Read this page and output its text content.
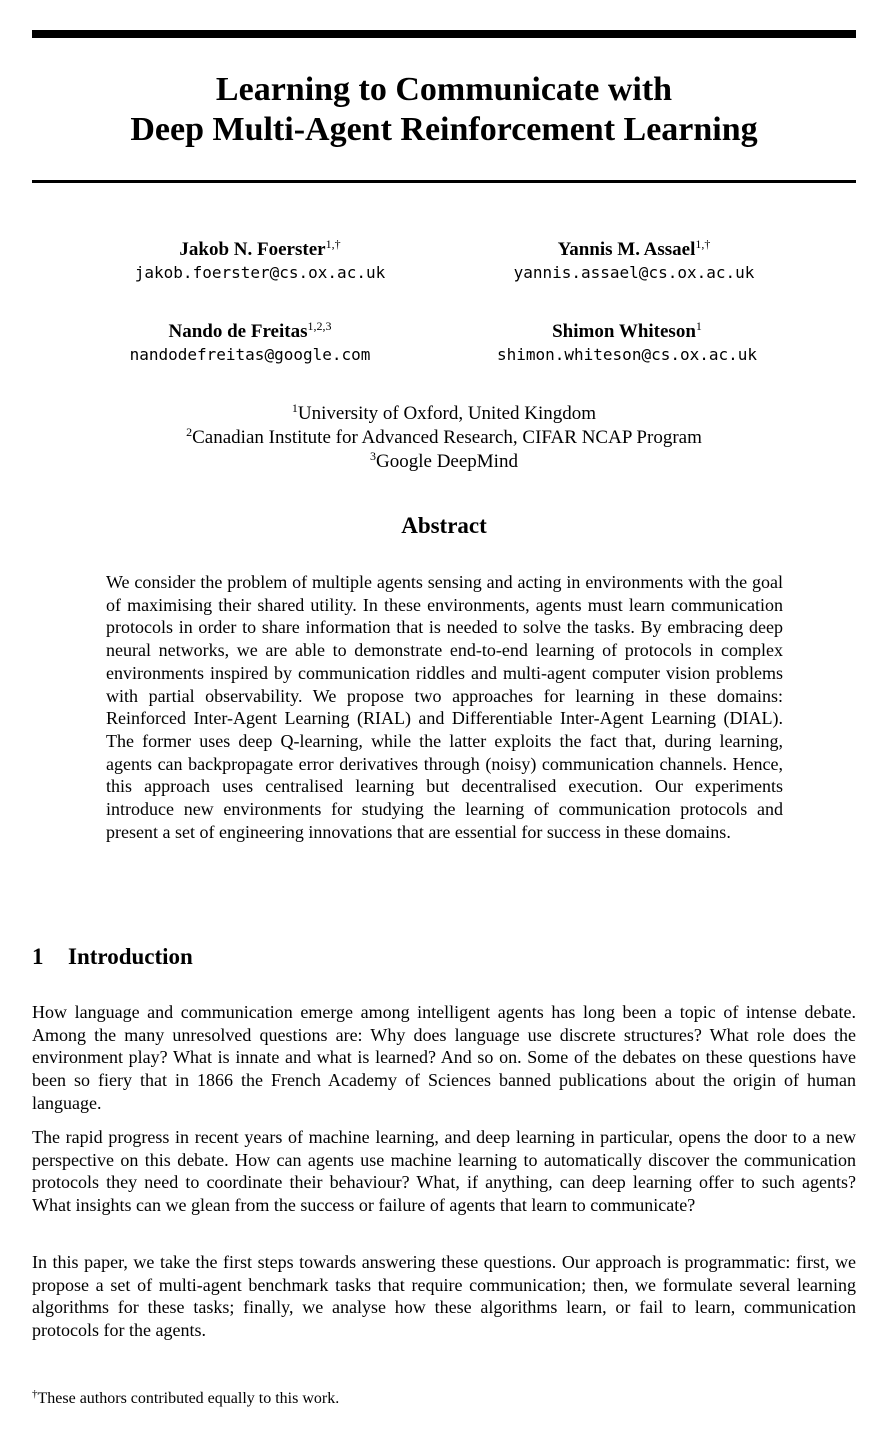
Learning to Communicate with
Deep Multi-Agent Reinforcement Learning
Jakob N. Foerster$^{1,\dagger}$
jakob.foerster@cs.ox.ac.uk
Yannis M. Assael$^{1,\dagger}$
yannis.assael@cs.ox.ac.uk
Nando de Freitas$^{1,2,3}$
nandodefreitas@google.com
Shimon Whiteson$^1$
shimon.whiteson@cs.ox.ac.uk
$^1$University of Oxford, United Kingdom
$^2$Canadian Institute for Advanced Research, CIFAR NCAP Program
$^3$Google DeepMind
Abstract
We consider the problem of multiple agents sensing and acting in environments with the goal of maximising their shared utility. In these environments, agents must learn communication protocols in order to share information that is needed to solve the tasks. By embracing deep neural networks, we are able to demonstrate end-to-end learning of protocols in complex environments inspired by communication riddles and multi-agent computer vision problems with partial observability. We propose two approaches for learning in these domains: Reinforced Inter-Agent Learning (RIAL) and Differentiable Inter-Agent Learning (DIAL). The former uses deep Q-learning, while the latter exploits the fact that, during learning, agents can backpropagate error derivatives through (noisy) communication channels. Hence, this approach uses centralised learning but decentralised execution. Our experiments introduce new environments for studying the learning of communication protocols and present a set of engineering innovations that are essential for success in these domains.
1 Introduction
How language and communication emerge among intelligent agents has long been a topic of intense debate. Among the many unresolved questions are: Why does language use discrete structures? What role does the environment play? What is innate and what is learned? And so on. Some of the debates on these questions have been so fiery that in 1866 the French Academy of Sciences banned publications about the origin of human language.
The rapid progress in recent years of machine learning, and deep learning in particular, opens the door to a new perspective on this debate. How can agents use machine learning to automatically discover the communication protocols they need to coordinate their behaviour? What, if anything, can deep learning offer to such agents? What insights can we glean from the success or failure of agents that learn to communicate?
In this paper, we take the first steps towards answering these questions. Our approach is programmatic: first, we propose a set of multi-agent benchmark tasks that require communication; then, we formulate several learning algorithms for these tasks; finally, we analyse how these algorithms learn, or fail to learn, communication protocols for the agents.
†These authors contributed equally to this work.
